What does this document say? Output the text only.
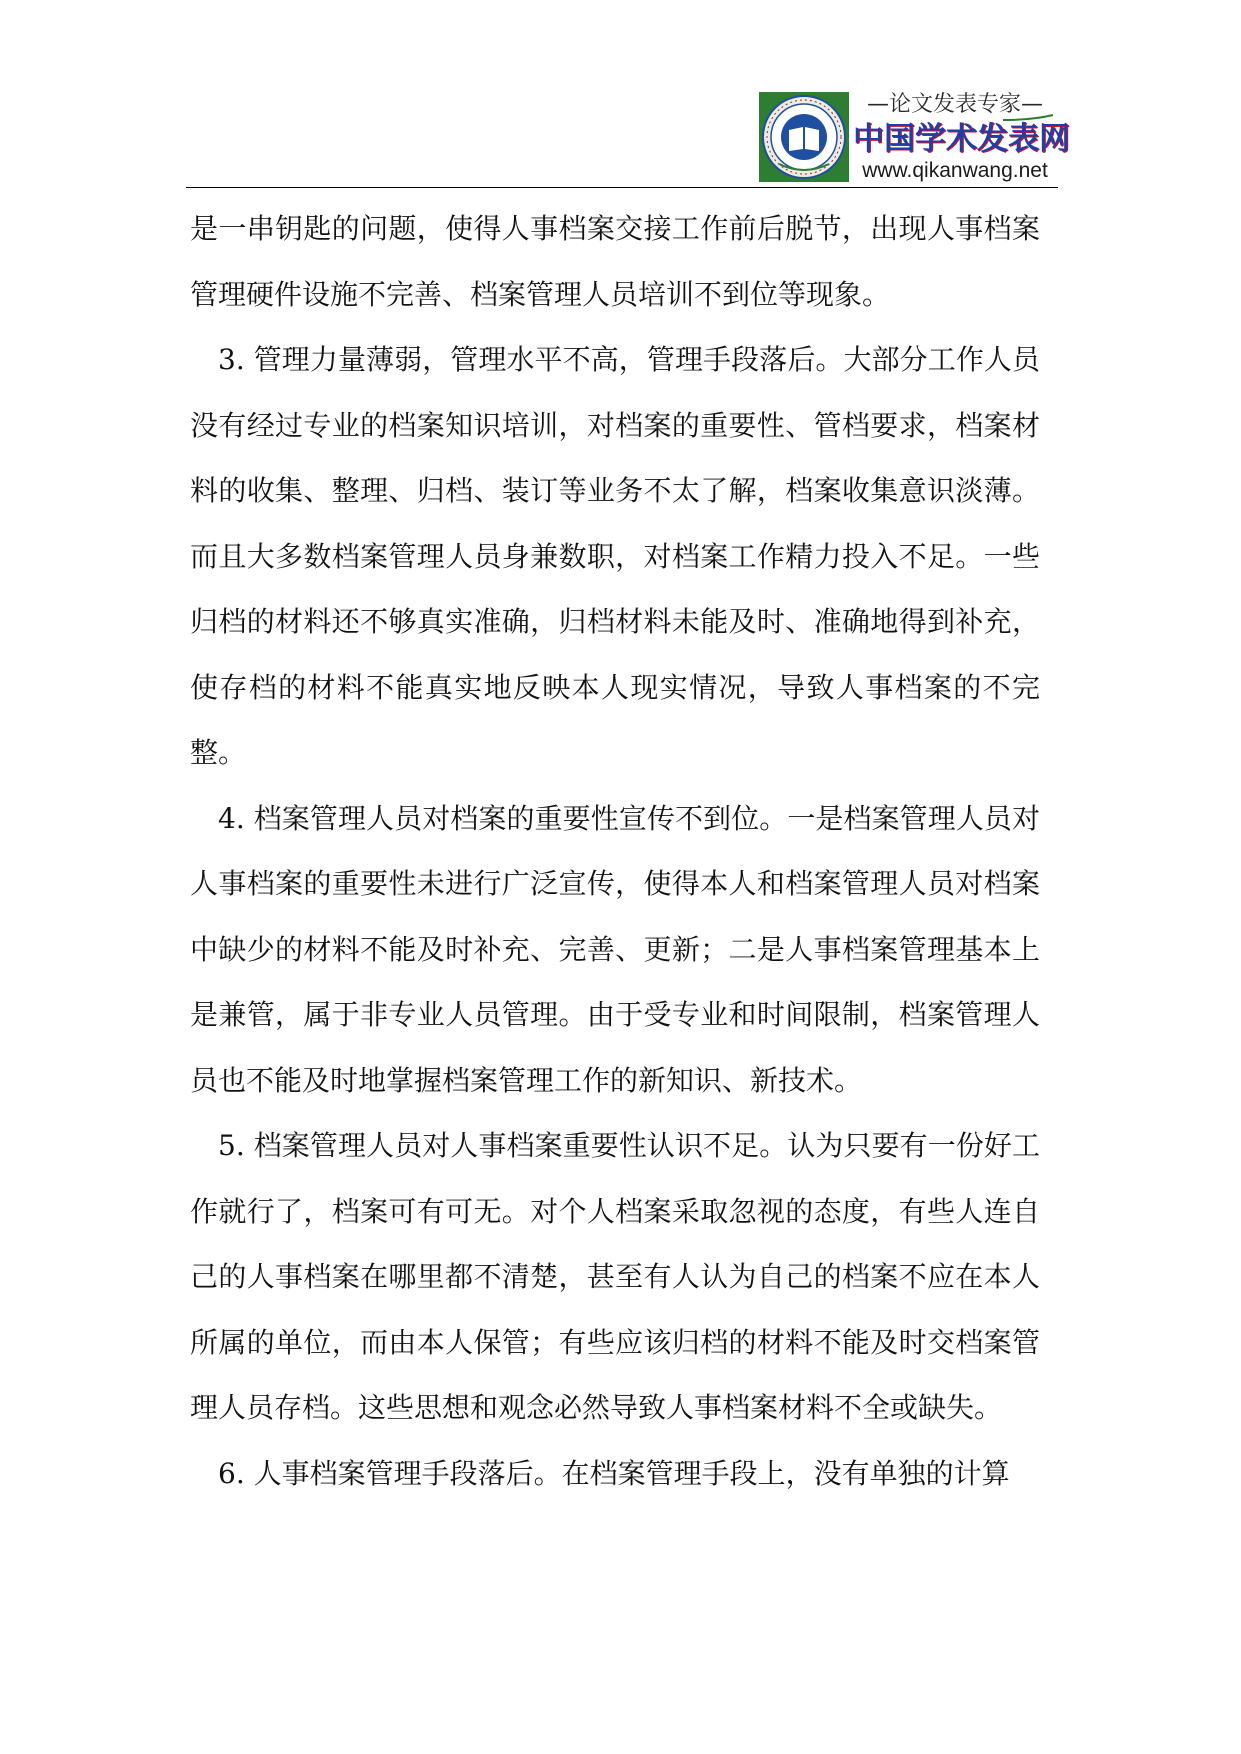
—论文发表专家—
中国学术发表网
www.qikanwang.net

是一串钥匙的问题，使得人事档案交接工作前后脱节，出现人事档案管理硬件设施不完善、档案管理人员培训不到位等现象。

3. 管理力量薄弱，管理水平不高，管理手段落后。大部分工作人员没有经过专业的档案知识培训，对档案的重要性、管档要求，档案材料的收集、整理、归档、装订等业务不太了解，档案收集意识淡薄。而且大多数档案管理人员身兼数职，对档案工作精力投入不足。一些归档的材料还不够真实准确，归档材料未能及时、准确地得到补充，使存档的材料不能真实地反映本人现实情况，导致人事档案的不完整。

4. 档案管理人员对档案的重要性宣传不到位。一是档案管理人员对人事档案的重要性未进行广泛宣传，使得本人和档案管理人员对档案中缺少的材料不能及时补充、完善、更新；二是人事档案管理基本上是兼管，属于非专业人员管理。由于受专业和时间限制，档案管理人员也不能及时地掌握档案管理工作的新知识、新技术。

5. 档案管理人员对人事档案重要性认识不足。认为只要有一份好工作就行了，档案可有可无。对个人档案采取忽视的态度，有些人连自己的人事档案在哪里都不清楚，甚至有人认为自己的档案不应在本人所属的单位，而由本人保管；有些应该归档的材料不能及时交档案管理人员存档。这些思想和观念必然导致人事档案材料不全或缺失。

6. 人事档案管理手段落后。在档案管理手段上，没有单独的计算
